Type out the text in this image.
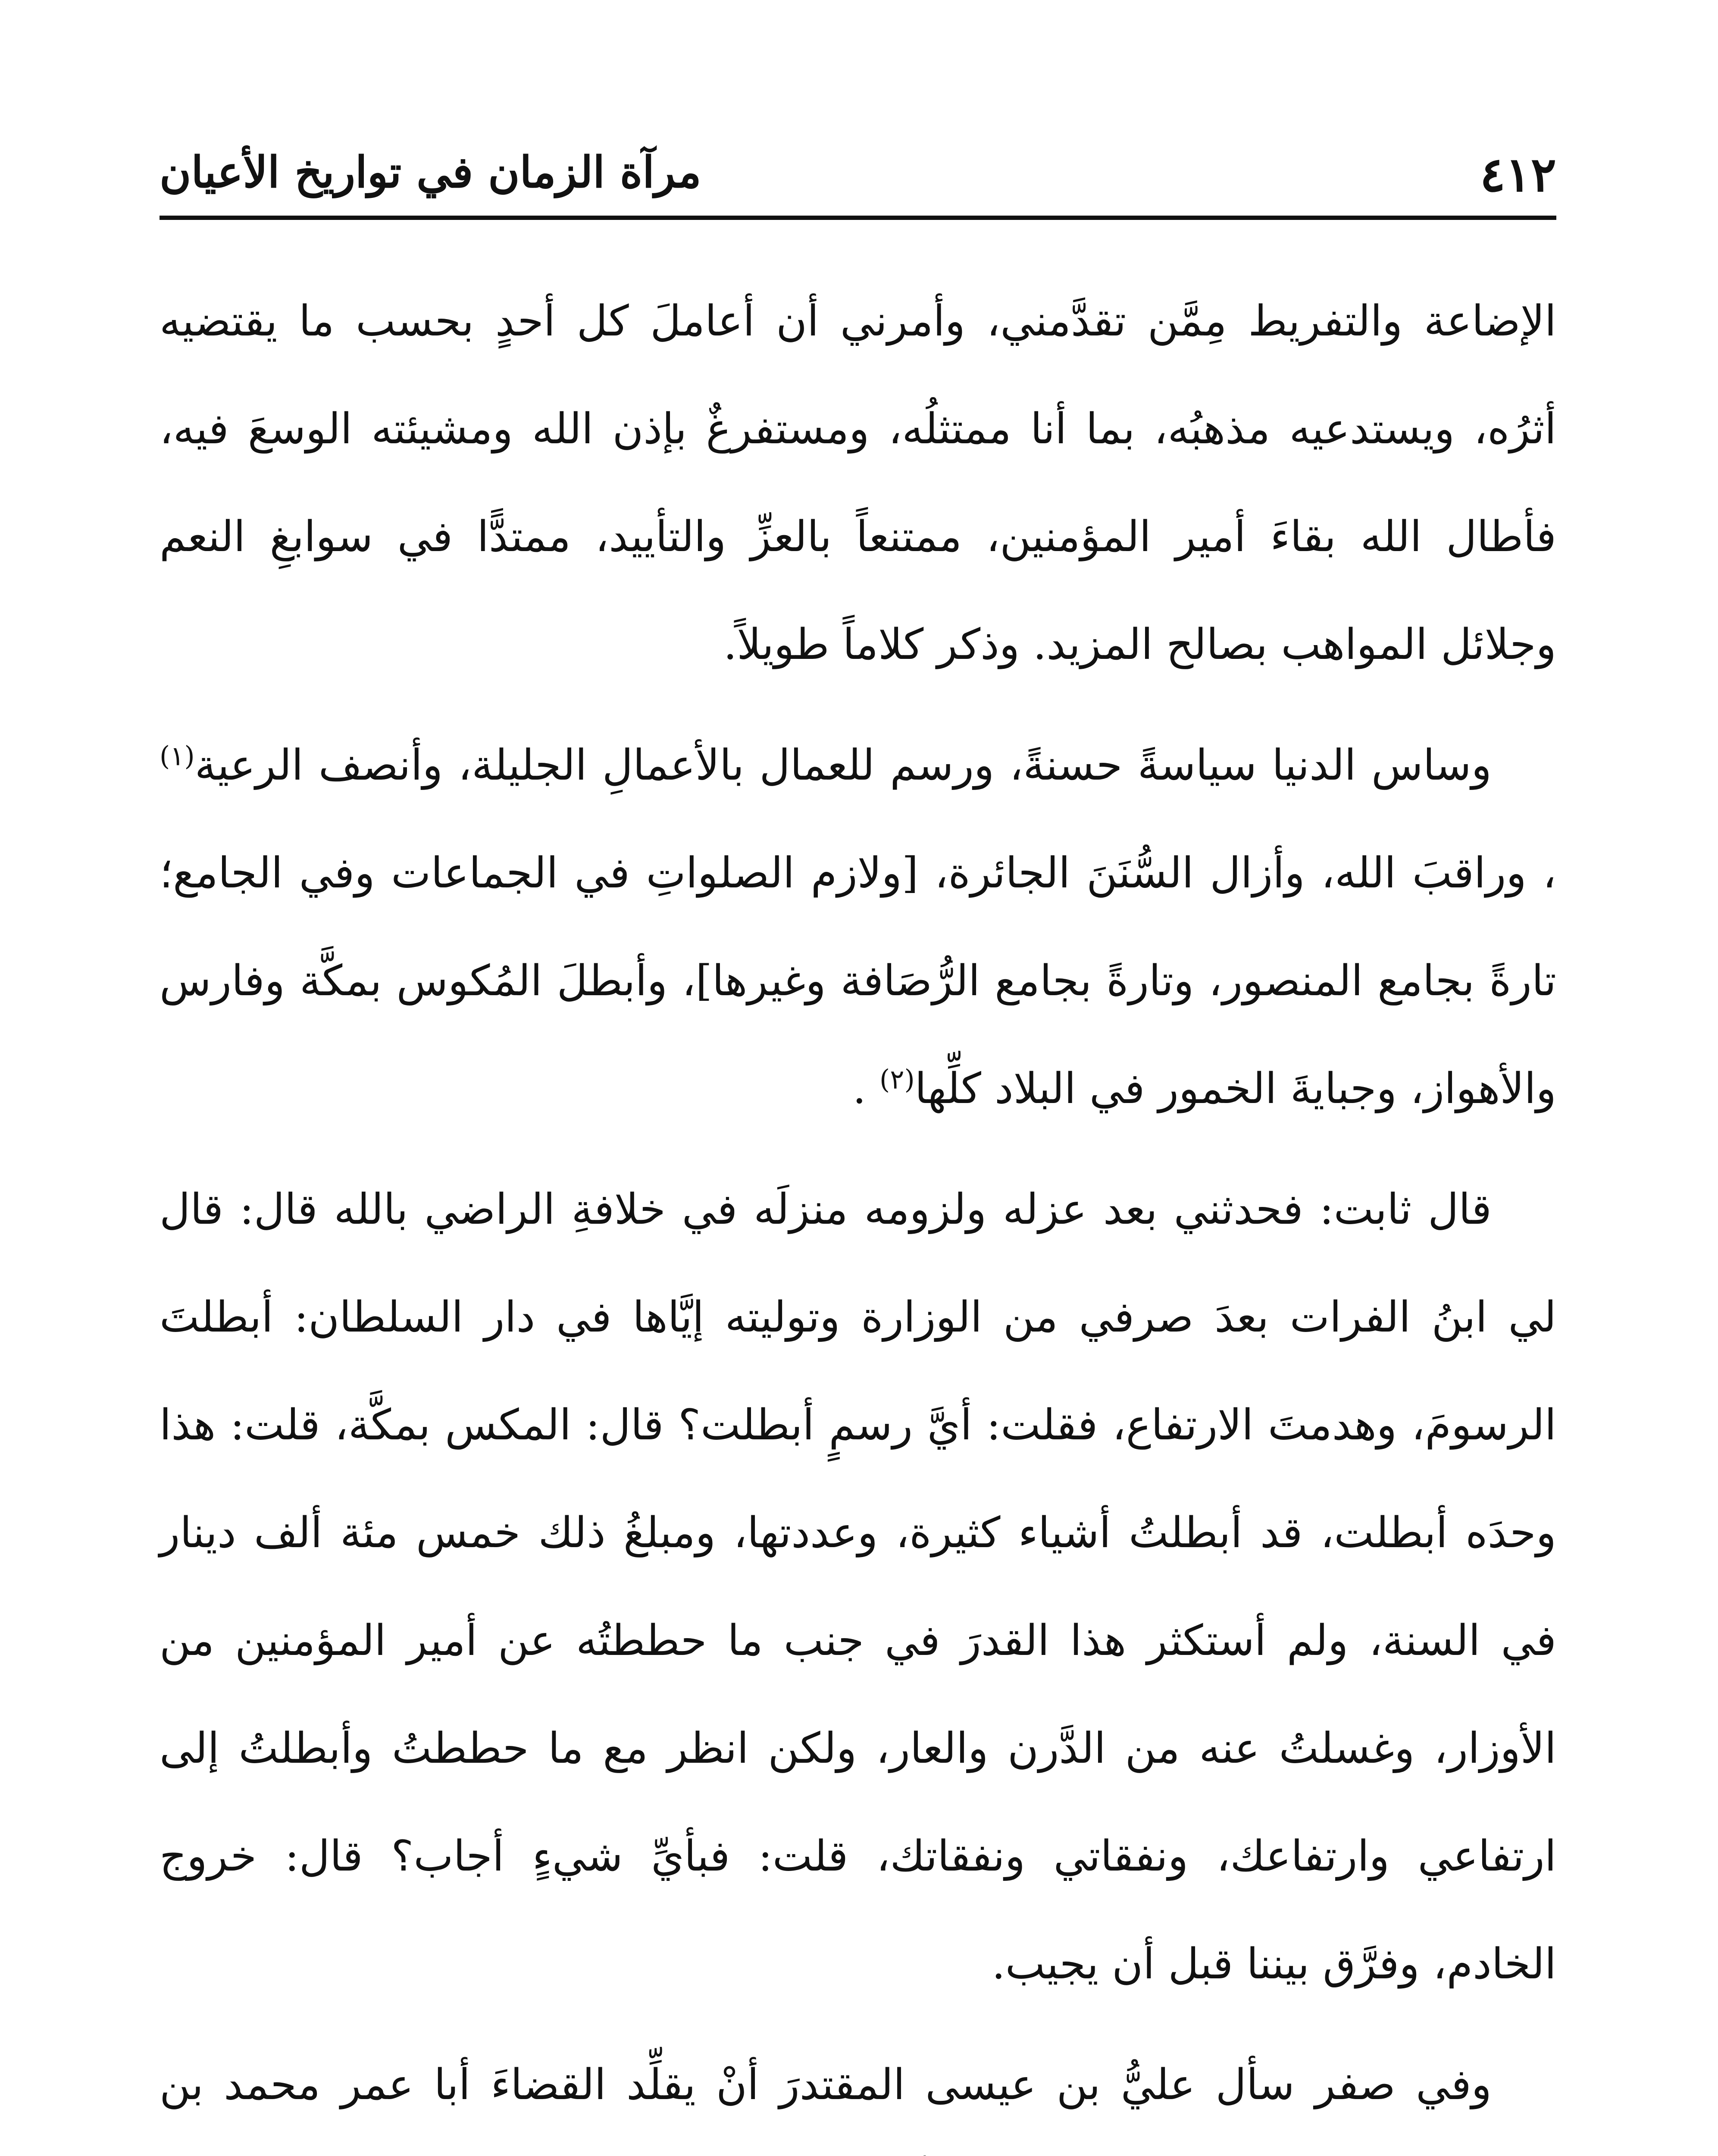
٤١٢
مرآة الزمان في تواريخ الأعيان

الإضاعة والتفريط مِمَّن تقدَّمني، وأمرني أن أعاملَ كل أحدٍ بحسب ما يقتضيه أثرُه، ويستدعيه مذهبُه، بما أنا ممتثلُه، ومستفرغٌ بإذن الله ومشيئته الوسعَ فيه، فأطال الله بقاءَ أمير المؤمنين، ممتنعاً بالعزِّ والتأييد، ممتدًّا في سوابغِ النعم وجلائل المواهب بصالح المزيد. وذكر كلاماً طويلاً.

وساس الدنيا سياسةً حسنةً، ورسم للعمال بالأعمالِ الجليلة، وأنصف الرعية$^{(١)}$ ، وراقبَ الله، وأزال السُّنَنَ الجائرة، [ولازم الصلواتِ في الجماعات وفي الجامع؛ تارةً بجامع المنصور، وتارةً بجامع الرُّصَافة وغيرها]، وأبطلَ المُكوس بمكَّة وفارس والأهواز، وجبايةَ الخمور في البلاد كلِّها$^{(٢)}$ .

قال ثابت: فحدثني بعد عزله ولزومه منزلَه في خلافةِ الراضي بالله قال: قال لي ابنُ الفرات بعدَ صرفي من الوزارة وتوليته إيَّاها في دار السلطان: أبطلتَ الرسومَ، وهدمتَ الارتفاع، فقلت: أيَّ رسمٍ أبطلت؟ قال: المكس بمكَّة، قلت: هذا وحدَه أبطلت، قد أبطلتُ أشياء كثيرة، وعددتها، ومبلغُ ذلك خمس مئة ألف دينار في السنة، ولم أستكثر هذا القدرَ في جنب ما حططتُه عن أمير المؤمنين من الأوزار، وغسلتُ عنه من الدَّرن والعار، ولكن انظر مع ما حططتُ وأبطلتُ إلى ارتفاعي وارتفاعك، ونفقاتي ونفقاتك، قلت: فبأيِّ شيءٍ أجاب؟ قال: خروج الخادم، وفرَّق بيننا قبل أن يجيب.

وفي صفر سأل عليُّ بن عيسى المقتدرَ أنْ يقلِّد القضاءَ أبا عمر محمد بن
